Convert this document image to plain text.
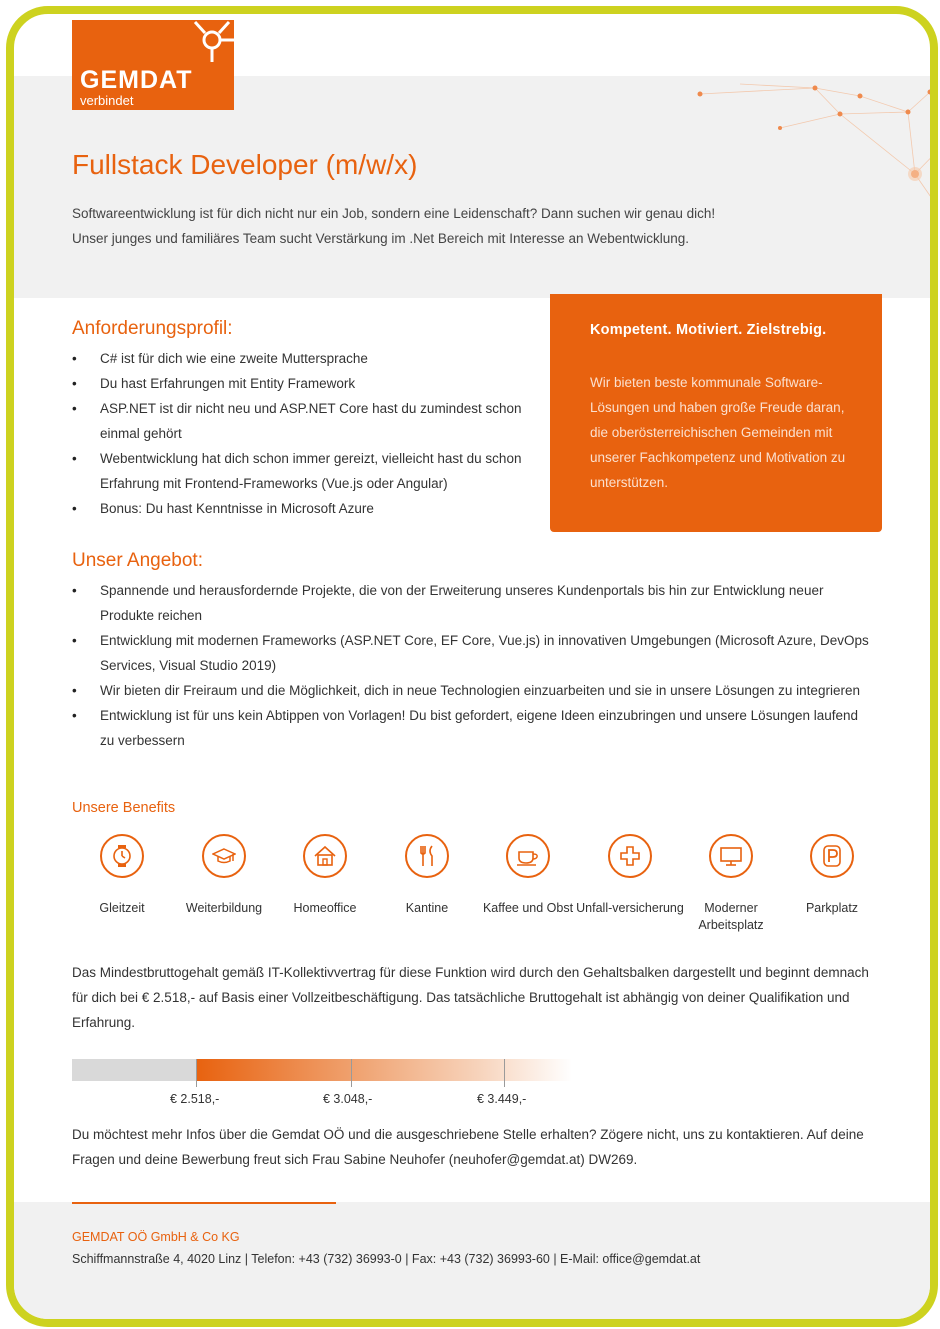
GEMDAT
verbindet
Fullstack Developer (m/w/x)
Softwareentwicklung ist für dich nicht nur ein Job, sondern eine Leidenschaft? Dann suchen wir genau dich!
Unser junges und familiäres Team sucht Verstärkung im .Net Bereich mit Interesse an Webentwicklung.
Anforderungsprofil:
• C# ist für dich wie eine zweite Muttersprache
• Du hast Erfahrungen mit Entity Framework
• ASP.NET ist dir nicht neu und ASP.NET Core hast du zumindest schon einmal gehört
• Webentwicklung hat dich schon immer gereizt, vielleicht hast du schon Erfahrung mit Frontend-Frameworks (Vue.js oder Angular)
• Bonus: Du hast Kenntnisse in Microsoft Azure
Kompetent. Motiviert. Zielstrebig.
Wir bieten beste kommunale Software-Lösungen und haben große Freude daran, die oberösterreichischen Gemeinden mit unserer Fachkompetenz und Motivation zu unterstützen.
Unser Angebot:
• Spannende und herausfordernde Projekte, die von der Erweiterung unseres Kundenportals bis hin zur Entwicklung neuer Produkte reichen
• Entwicklung mit modernen Frameworks (ASP.NET Core, EF Core, Vue.js) in innovativen Umgebungen (Microsoft Azure, DevOps Services, Visual Studio 2019)
• Wir bieten dir Freiraum und die Möglichkeit, dich in neue Technologien einzuarbeiten und sie in unsere Lösungen zu integrieren
• Entwicklung ist für uns kein Abtippen von Vorlagen! Du bist gefordert, eigene Ideen einzubringen und unsere Lösungen laufend zu verbessern
Unsere Benefits
Gleitzeit	Weiterbildung	Homeoffice	Kantine	Kaffee und Obst Unfall-versicherung	Moderner Arbeitsplatz
Parkplatz
Das Mindestbruttogehalt gemäß IT-Kollektivvertrag für diese Funktion wird durch den Gehaltsbalken dargestellt und beginnt demnach für dich bei € 2.518,- auf Basis einer Vollzeitbeschäftigung. Das tatsächliche Bruttogehalt ist abhängig von deiner Qualifikation und Erfahrung.
€ 2.518,-	€ 3.048,-	€ 3.449,-
Du möchtest mehr Infos über die Gemdat OÖ und die ausgeschriebene Stelle erhalten? Zögere nicht, uns zu kontaktieren. Auf deine Fragen und deine Bewerbung freut sich Frau Sabine Neuhofer (neuhofer@gemdat.at) DW269.
GEMDAT OÖ GmbH & Co KG
Schiffmannstraße 4, 4020 Linz | Telefon: +43 (732) 36993-0 | Fax: +43 (732) 36993-60 | E-Mail: office@gemdat.at
